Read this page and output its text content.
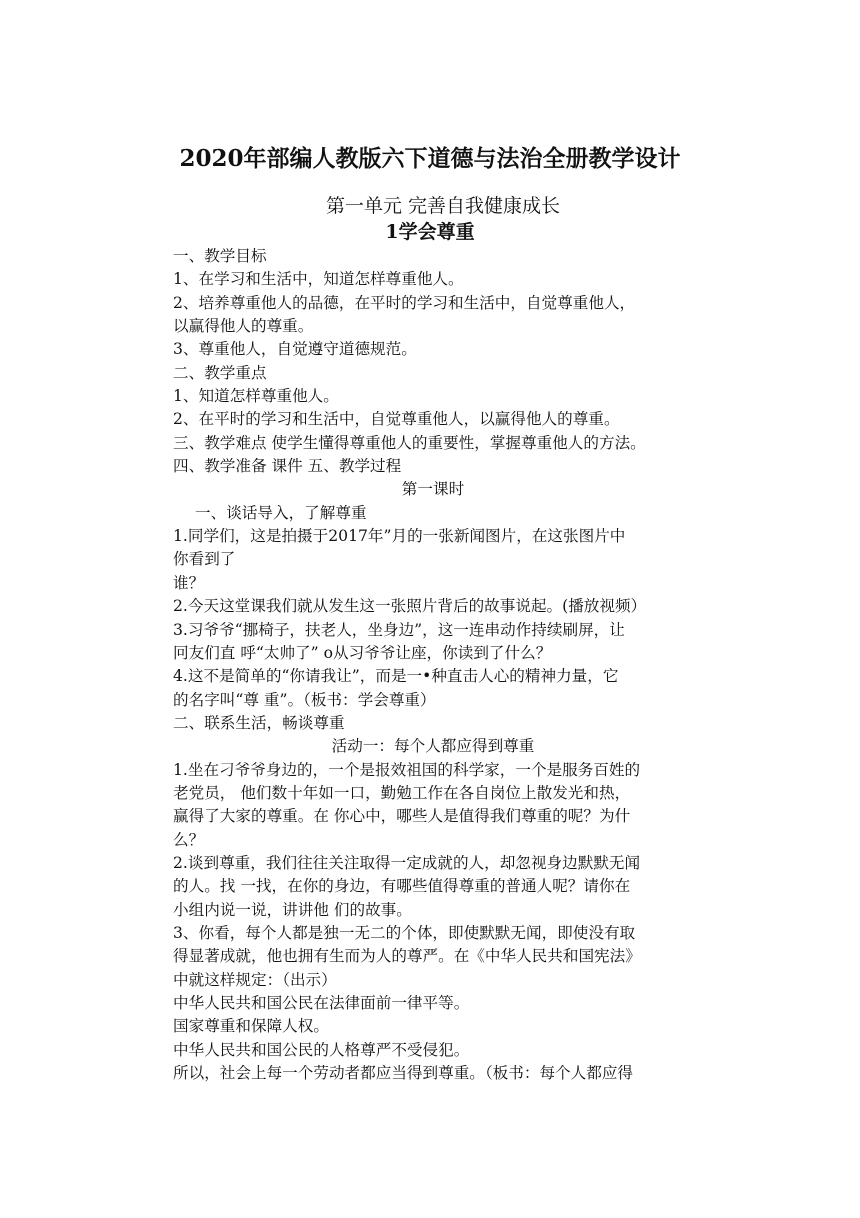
2020年部编人教版六下道德与法治全册教学设计
第一单元 完善自我健康成长
1学会尊重
一、教学目标
1、在学习和生活中，知道怎样尊重他人。
2、培养尊重他人的品德，在平时的学习和生活中，自觉尊重他人，
以赢得他人的尊重。
3、尊重他人，自觉遵守道德规范。
二、教学重点
1、知道怎样尊重他人。
2、在平时的学习和生活中，自觉尊重他人，以赢得他人的尊重。
三、教学难点 使学生懂得尊重他人的重要性，掌握尊重他人的方法。
四、教学准备 课件 五、教学过程
第一课时
一、谈话导入，了解尊重
1.同学们，这是拍摄于2017年”月的一张新闻图片，在这张图片中
你看到了
谁？
2.今天这堂课我们就从发生这一张照片背后的故事说起。(播放视频）
3.习爷爷“挪椅子，扶老人，坐身边”，这一连串动作持续刷屏，让
冋友们直 呼“太帅了” o从习爷爷让座，你读到了什么？
4.这不是简单的“你请我让”，而是一•种直击人心的精神力量，它
的名字叫“尊 重”。（板书：学会尊重）
二、联系生活，畅谈尊重
活动一：每个人都应得到尊重
1.坐在刁爷爷身边的，一个是报效祖国的科学家，一个是服务百姓的
老党员， 他们数十年如一口，勤勉工作在各自岗位上散发光和热，
赢得了大家的尊重。在 你心中，哪些人是值得我们尊重的呢？为什
么？
2.谈到尊重，我们往往关注取得一定成就的人，却忽视身边默默无闻
的人。找 一找，在你的身边，有哪些值得尊重的普通人呢？请你在
小组内说一说，讲讲他 们的故事。
3、你看，每个人都是独一无二的个体，即使默默无闻，即使没有取
得显著成就，他也拥有生而为人的尊严。在《中华人民共和国宪法》
中就这样规定：（出示）
中华人民共和国公民在法律面前一律平等。
国家尊重和保障人权。
中华人民共和国公民的人格尊严不受侵犯。
所以，社会上每一个劳动者都应当得到尊重。（板书：每个人都应得
